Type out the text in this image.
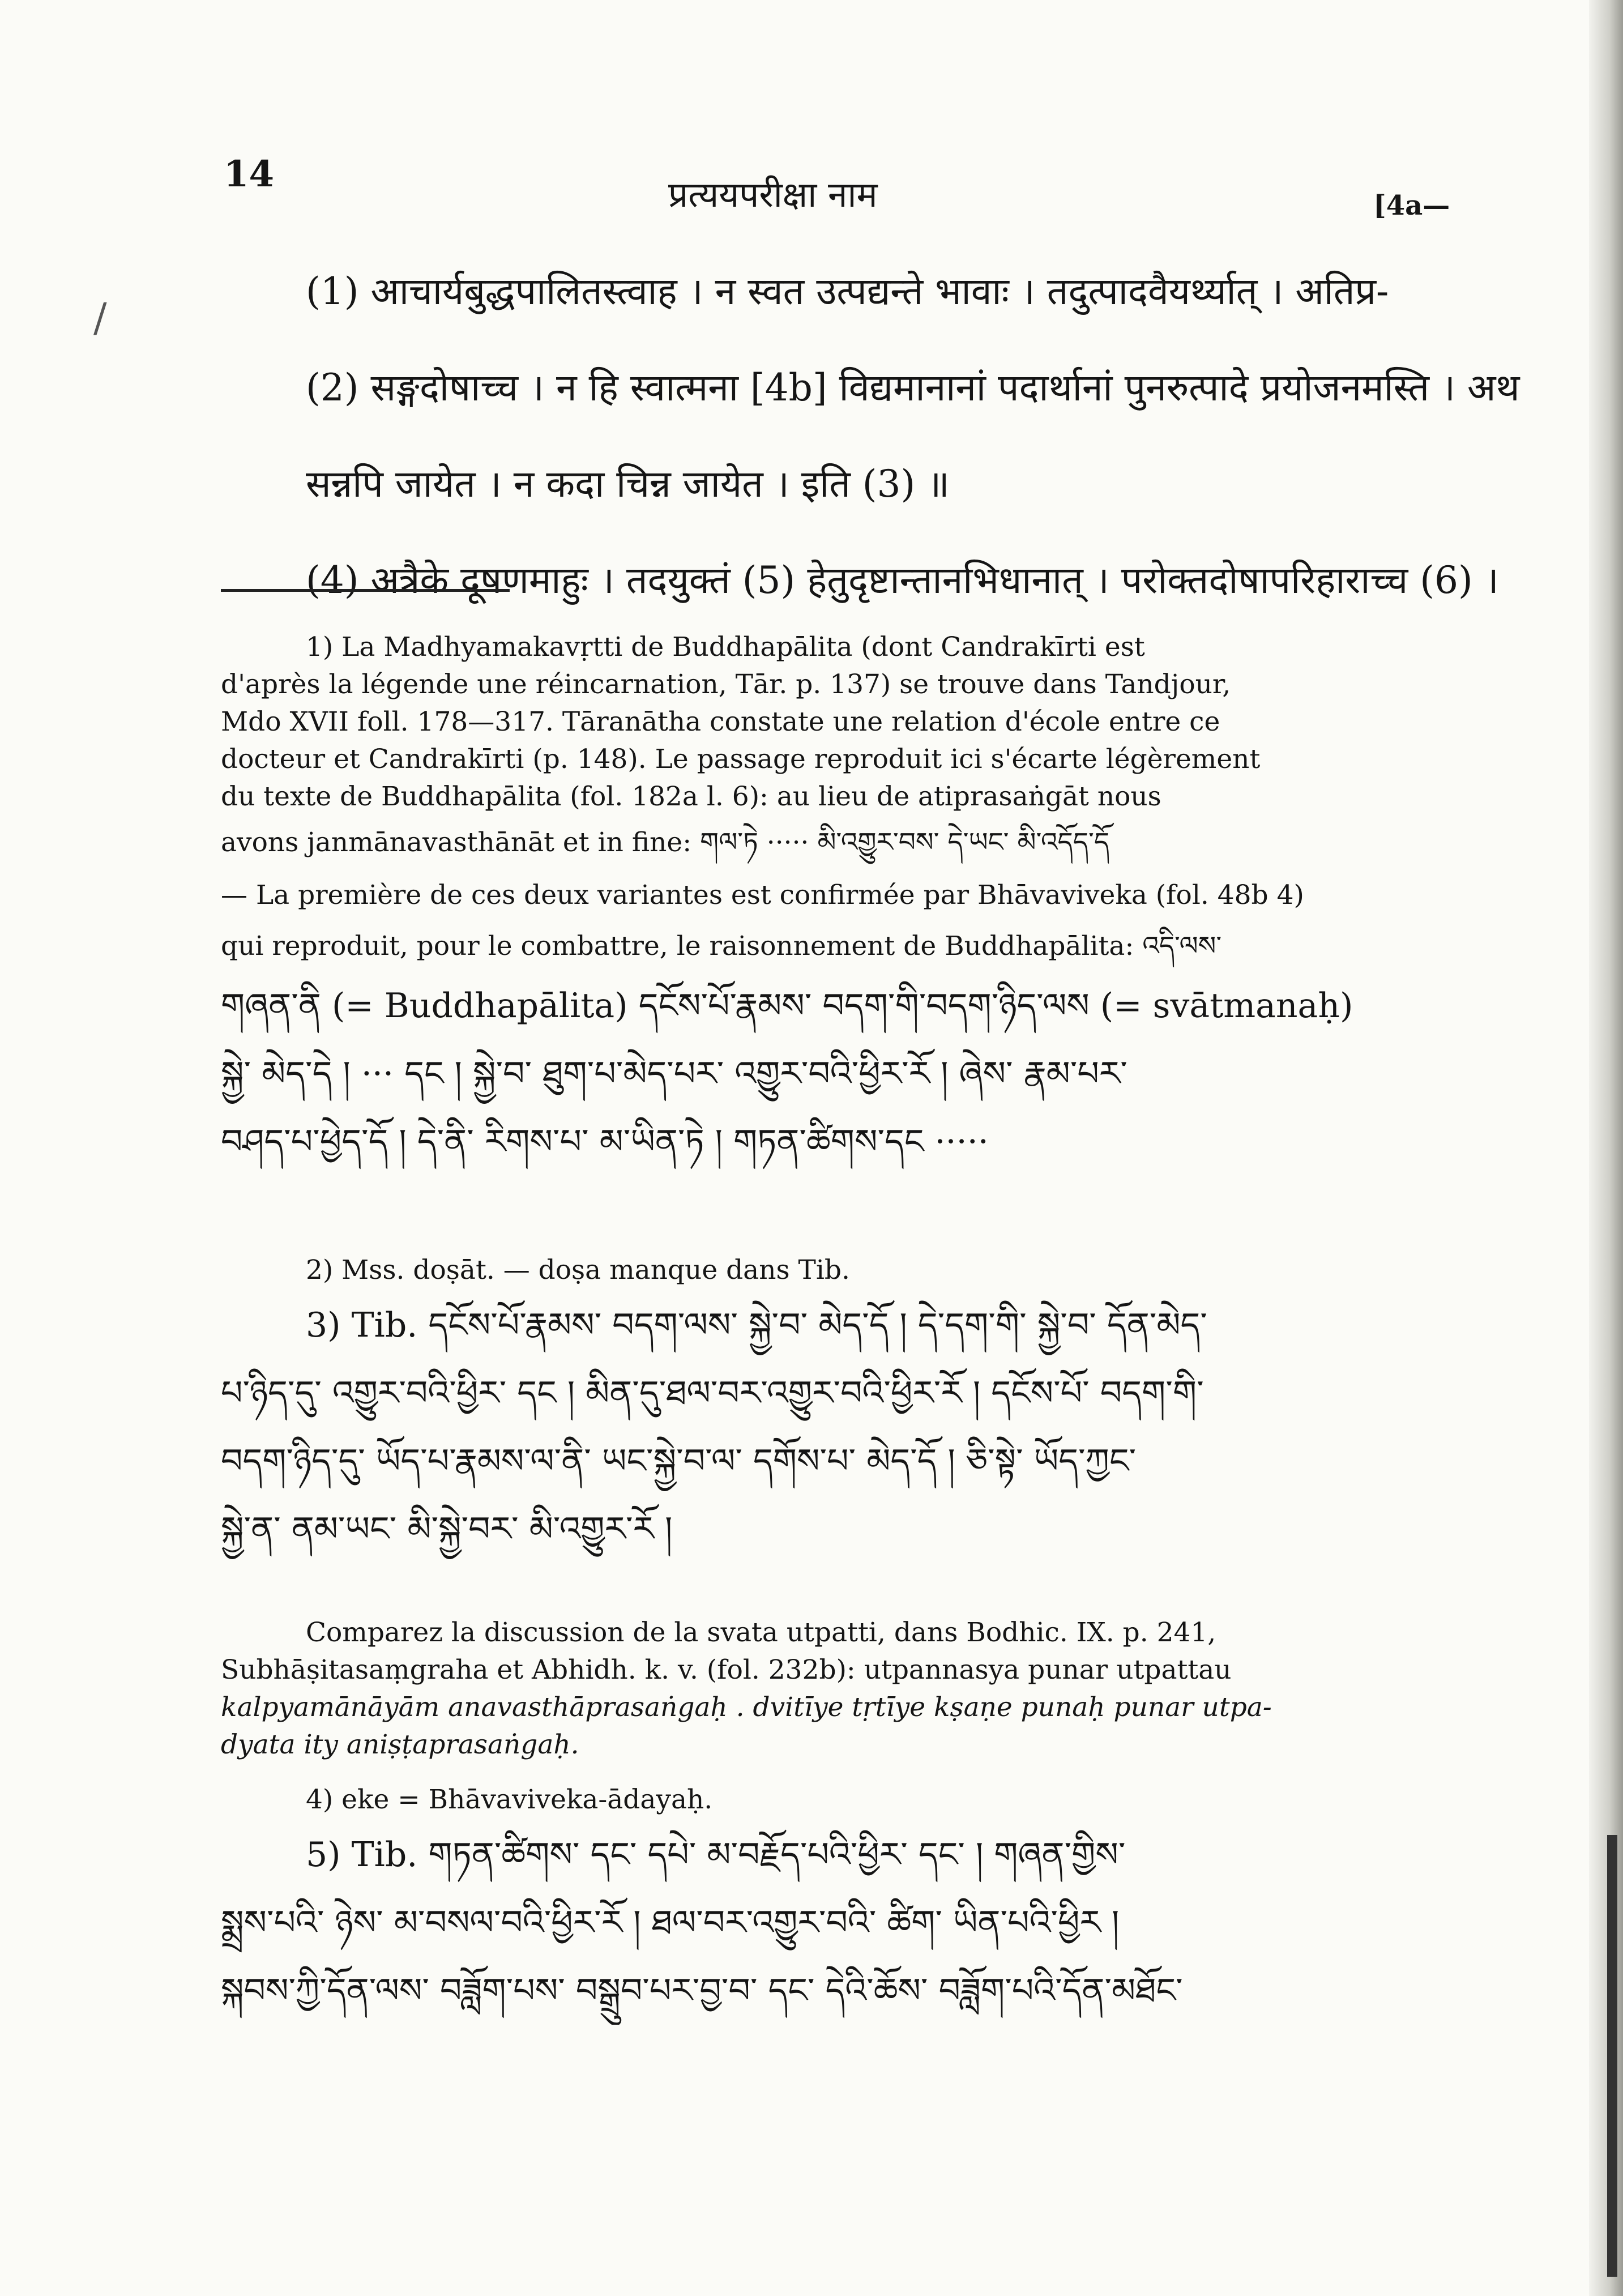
/
14	प्रत्ययपरीक्षा नाम	[4a—
(1) आचार्यबुद्धपालितस्त्वाह । न स्वत उत्पद्यन्ते भावाः । तदुत्पादवैयर्थ्यात् । अतिप्र-
(2) सङ्गदोषाच्च । न हि स्वात्मना [4b] विद्यमानानां पदार्थानां पुनरुत्पादे प्रयोजनमस्ति । अथ
सन्नपि जायेत । न कदा चिन्न जायेत । इति (3) ॥
(4) अत्रैके दूषणमाहुः । तदयुक्तं (5) हेतुदृष्टान्तानभिधानात् । परोक्तदोषापरिहाराच्च (6) ।
1) La Madhyamakavṛtti de Buddhapālita (dont Candrakīrti est
d'après la légende une réincarnation, Tār. p. 137) se trouve dans Tandjour,
Mdo XVII foll. 178—317. Tāranātha constate une relation d'école entre ce
docteur et Candrakīrti (p. 148). Le passage reproduit ici s'écarte légèrement
du texte de Buddhapālita (fol. 182a l. 6): au lieu de atiprasaṅgāt nous
avons janmānavasthānāt et in fine: གལ་ཏེ ····· མི་འགྱུར་བས་ དེ་ཡང་ མི་འདོད་དོ
— La première de ces deux variantes est confirmée par Bhāvaviveka (fol. 48b 4)
qui reproduit, pour le combattre, le raisonnement de Buddhapālita: འདི་ལས་
གཞན་ནི (= Buddhapālita) དངོས་པོ་རྣམས་ བདག་གི་བདག་ཉིད་ལས (= svātmanaḥ)
སྐྱེ་ མེད་དེ ། ··· དང ། སྐྱེ་བ་ ཐུག་པ་མེད་པར་ འགྱུར་བའི་ཕྱིར་རོ ། ཞེས་ རྣམ་པར་
བཤད་པ་ཕྱེད་དོ ། དེ་ནི་ རིགས་པ་ མ་ཡིན་ཏེ ། གཏན་ཚིགས་དང ·····
2) Mss. doṣāt. — doṣa manque dans Tib.
3) Tib. དངོས་པོ་རྣམས་ བདག་ལས་ སྐྱེ་བ་ མེད་དོ ། དེ་དག་གི་ སྐྱེ་བ་ དོན་མེད་
པ་ཉིད་དུ་ འགྱུར་བའི་ཕྱིར་ དང ། མིན་དུ་ཐལ་བར་འགྱུར་བའི་ཕྱིར་རོ ། དངོས་པོ་ བདག་གི་
བདག་ཉིད་དུ་ ཡོད་པ་རྣམས་ལ་ནི་ ཡང་སྐྱེ་བ་ལ་ དགོས་པ་ མེད་དོ ། ཅི་སྟེ་ ཡོད་ཀྱང་
སྐྱེ་ན་ ནམ་ཡང་ མི་སྐྱེ་བར་ མི་འགྱུར་རོ །
Comparez la discussion de la svata utpatti, dans Bodhic. IX. p. 241,
Subhāṣitasaṃgraha et Abhidh. k. v. (fol. 232b): utpannasya punar utpattau
kalpyamānāyām anavasthāprasaṅgaḥ . dvitīye tṛtīye kṣaṇe punaḥ punar utpa-
dyata ity aniṣṭaprasaṅgaḥ.
4) eke = Bhāvaviveka-ādayaḥ.
5) Tib. གཏན་ཚིགས་ དང་ དཔེ་ མ་བརྗོད་པའི་ཕྱིར་ དང་ ། གཞན་གྱིས་
སྨྲས་པའི་ ཉེས་ མ་བསལ་བའི་ཕྱིར་རོ ། ཐལ་བར་འགྱུར་བའི་ ཚིག་ ཡིན་པའི་ཕྱིར །
སྐབས་ཀྱི་དོན་ལས་ བཟློག་པས་ བསྒྲུབ་པར་བྱ་བ་ དང་ དེའི་ཆོས་ བཟློག་པའི་དོན་མཐོང་
